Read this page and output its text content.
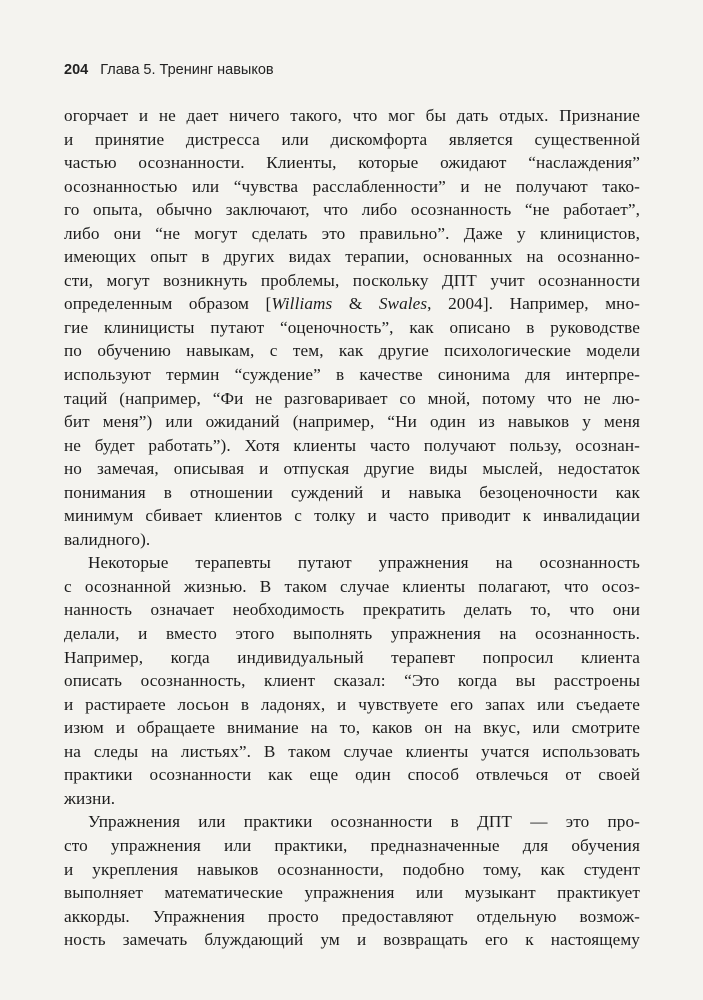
204 Глава 5. Тренинг навыков
огорчает и не дает ничего такого, что мог бы дать отдых. Признание
и принятие дистресса или дискомфорта является существенной
частью осознанности. Клиенты, которые ожидают “наслаждения”
осознанностью или “чувства расслабленности” и не получают тако-
го опыта, обычно заключают, что либо осознанность “не работает”,
либо они “не могут сделать это правильно”. Даже у клиницистов,
имеющих опыт в других видах терапии, основанных на осознанно-
сти, могут возникнуть проблемы, поскольку ДПТ учит осознанности
определенным образом [Williams & Swales, 2004]. Например, мно-
гие клиницисты путают “оценочность”, как описано в руководстве
по обучению навыкам, с тем, как другие психологические модели
используют термин “суждение” в качестве синонима для интерпре-
таций (например, “Фи не разговаривает со мной, потому что не лю-
бит меня”) или ожиданий (например, “Ни один из навыков у меня
не будет работать”). Хотя клиенты часто получают пользу, осознан-
но замечая, описывая и отпуская другие виды мыслей, недостаток
понимания в отношении суждений и навыка безоценочности как
минимум сбивает клиентов с толку и часто приводит к инвалидации
валидного).
Некоторые терапевты путают упражнения на осознанность
с осознанной жизнью. В таком случае клиенты полагают, что осоз-
нанность означает необходимость прекратить делать то, что они
делали, и вместо этого выполнять упражнения на осознанность.
Например, когда индивидуальный терапевт попросил клиента
описать осознанность, клиент сказал: “Это когда вы расстроены
и растираете лосьон в ладонях, и чувствуете его запах или съедаете
изюм и обращаете внимание на то, каков он на вкус, или смотрите
на следы на листьях”. В таком случае клиенты учатся использовать
практики осознанности как еще один способ отвлечься от своей
жизни.
Упражнения или практики осознанности в ДПТ — это про-
сто упражнения или практики, предназначенные для обучения
и укрепления навыков осознанности, подобно тому, как студент
выполняет математические упражнения или музыкант практикует
аккорды. Упражнения просто предоставляют отдельную возмож-
ность замечать блуждающий ум и возвращать его к настоящему
